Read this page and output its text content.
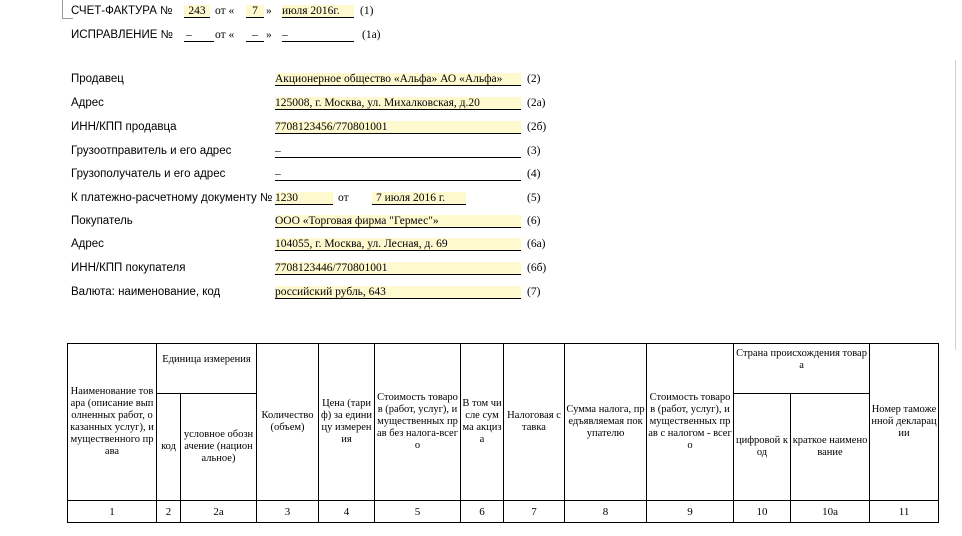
СЧЕТ-ФАКТУРА №	243 от «	7 » июля 2016г.	(1)
ИСПРАВЛЕНИЕ № –	от «	– » –	(1а)
Продавец	Акционерное общество «Альфа» АО «Альфа»	(2)
Адрес	125008, г. Москва, ул. Михалковская, д.20	(2а)
ИНН/КПП продавца	7708123456/770801001	(2б)
Грузоотправитель и его адрес	–	(3)
Грузополучатель и его адрес	–	(4)
К платежно-расчетному документу № 1230	от	7 июля 2016 г.	(5)
Покупатель	ООО «Торговая фирма "Гермес"»	(6)
Адрес	104055, г. Москва, ул. Лесная, д. 69	(6а)
ИНН/КПП покупателя	7708123446/770801001	(6б)
Валюта: наименование, код	российский рубль, 643	(7)
Наименование товара (описание выполненных работ, оказанных услуг), имущественного права	Единица измерения		Количество (объем)	Цена (тариф) за единицу измерения	Стоимость товаров (работ, услуг), имущественных прав без налога-всего	В том числе сумма акциза	Налоговая ставка	Сумма налога, предъявляемая покупателю	Стоимость товаров (работ, услуг), имущественных прав с налогом - всего	Страна происхождения товара		Номер таможенной декларации
	код	условное обозначение (национальное)								цифровой код	краткое наименование	
1	2	2а	3	4	5	6	7	8	9	10	10а	11
